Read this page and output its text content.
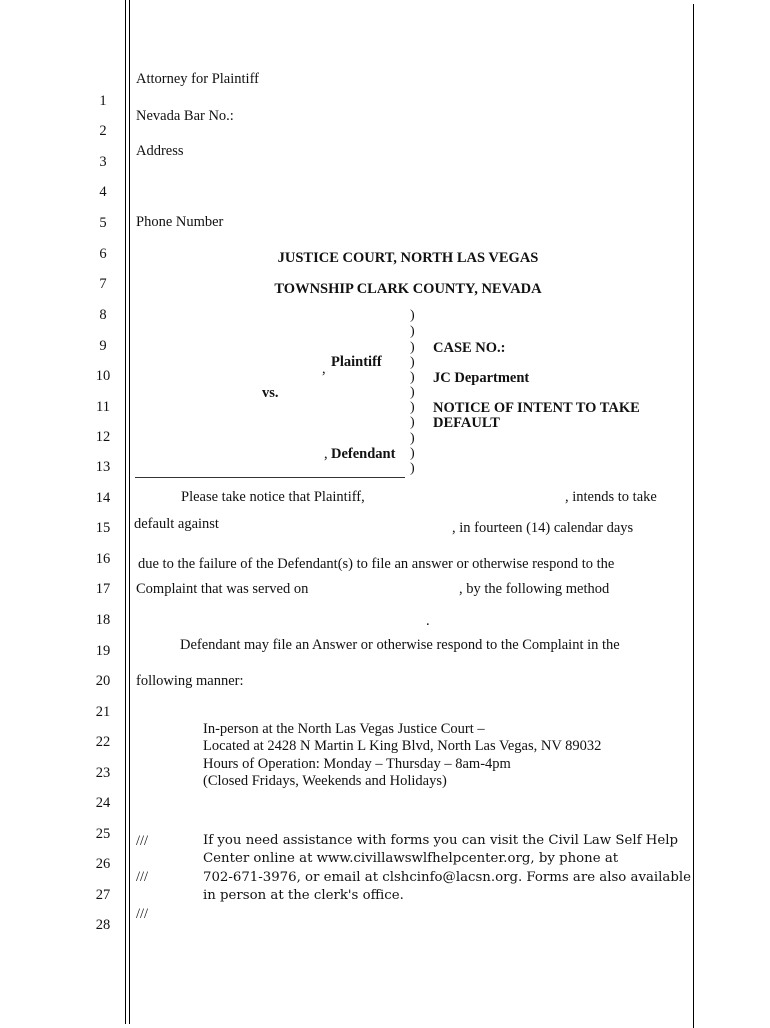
1
2
3
4
5
6
7
8
9
10
11
12
13
14
15
16
17
18
19
20
21
22
23
24
25
26
27
28
Attorney for Plaintiff
Nevada Bar No.:
Address
Phone Number
JUSTICE COURT, NORTH LAS VEGAS
TOWNSHIP CLARK COUNTY, NEVADA
)
)
)
)
)
)
)
)
)
)
)
, Plaintiff
vs.
, Defendant
CASE NO.:
JC Department
NOTICE OF INTENT TO TAKE
DEFAULT
Please take notice that Plaintiff,	, intends to take
default against	, in fourteen (14) calendar days
due to the failure of the Defendant(s) to file an answer or otherwise respond to the
Complaint that was served on	, by the following method
.
Defendant may file an Answer or otherwise respond to the Complaint in the
following manner:
In-person at the North Las Vegas Justice Court –
Located at 2428 N Martin L King Blvd, North Las Vegas, NV 89032
Hours of Operation: Monday – Thursday – 8am-4pm
(Closed Fridays, Weekends and Holidays)
///
///
///
If you need assistance with forms you can visit the Civil Law Self Help
Center online at www.civillawswlfhelpcenter.org, by phone at
702-671-3976, or email at clshcinfo@lacsn.org. Forms are also available
in person at the clerk's office.
